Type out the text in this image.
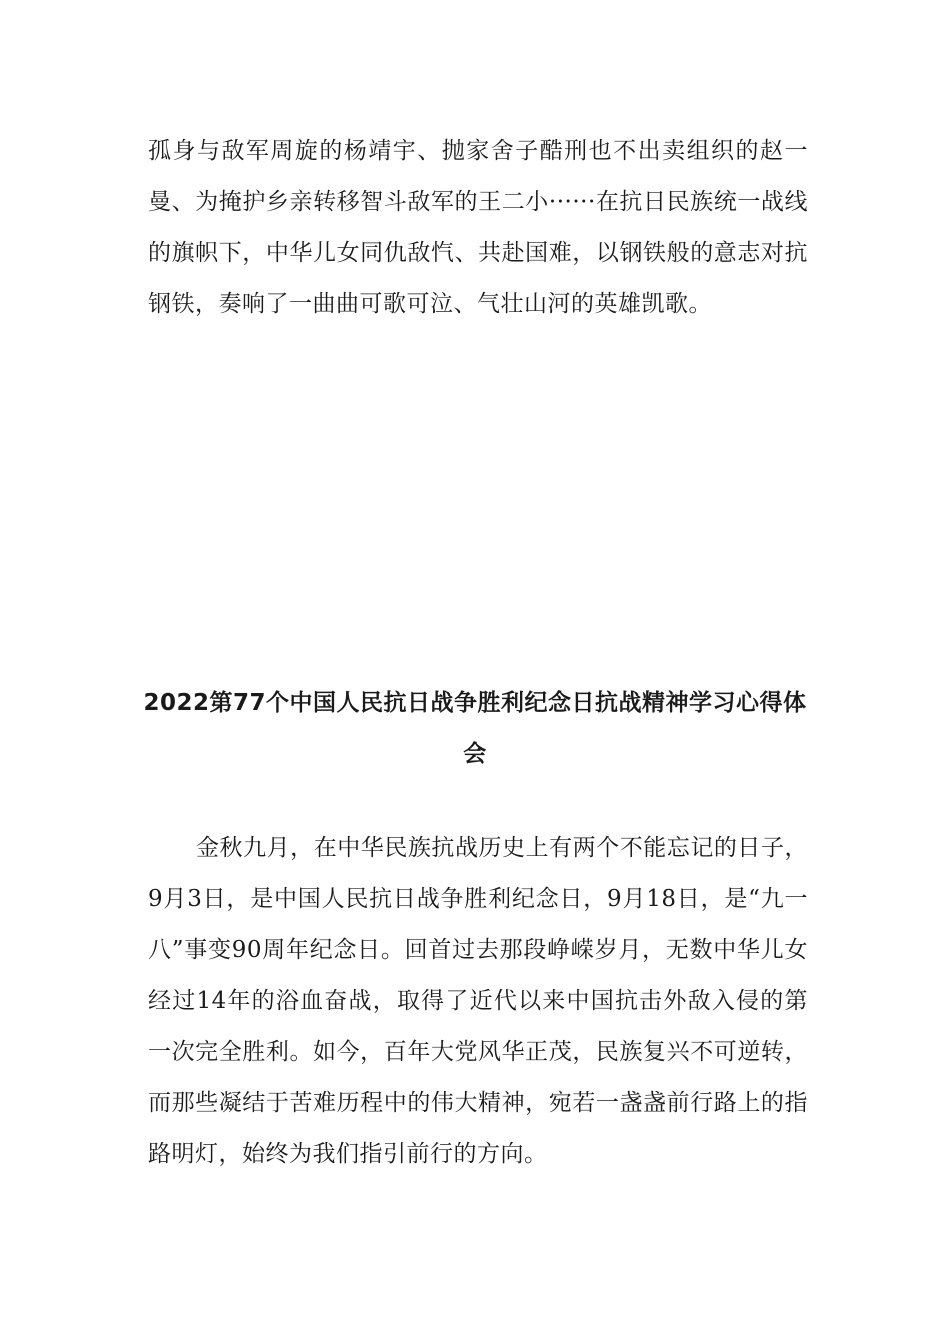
孤身与敌军周旋的杨靖宇、抛家舍子酷刑也不出卖组织的赵一曼、为掩护乡亲转移智斗敌军的王二小······在抗日民族统一战线的旗帜下，中华儿女同仇敌忾、共赴国难，以钢铁般的意志对抗钢铁，奏响了一曲曲可歌可泣、气壮山河的英雄凯歌。

2022第77个中国人民抗日战争胜利纪念日抗战精神学习心得体会

金秋九月，在中华民族抗战历史上有两个不能忘记的日子，9月3日，是中国人民抗日战争胜利纪念日，9月18日，是“九一八”事变90周年纪念日。回首过去那段峥嵘岁月，无数中华儿女经过14年的浴血奋战，取得了近代以来中国抗击外敌入侵的第一次完全胜利。如今，百年大党风华正茂，民族复兴不可逆转，而那些凝结于苦难历程中的伟大精神，宛若一盏盏前行路上的指路明灯，始终为我们指引前行的方向。
